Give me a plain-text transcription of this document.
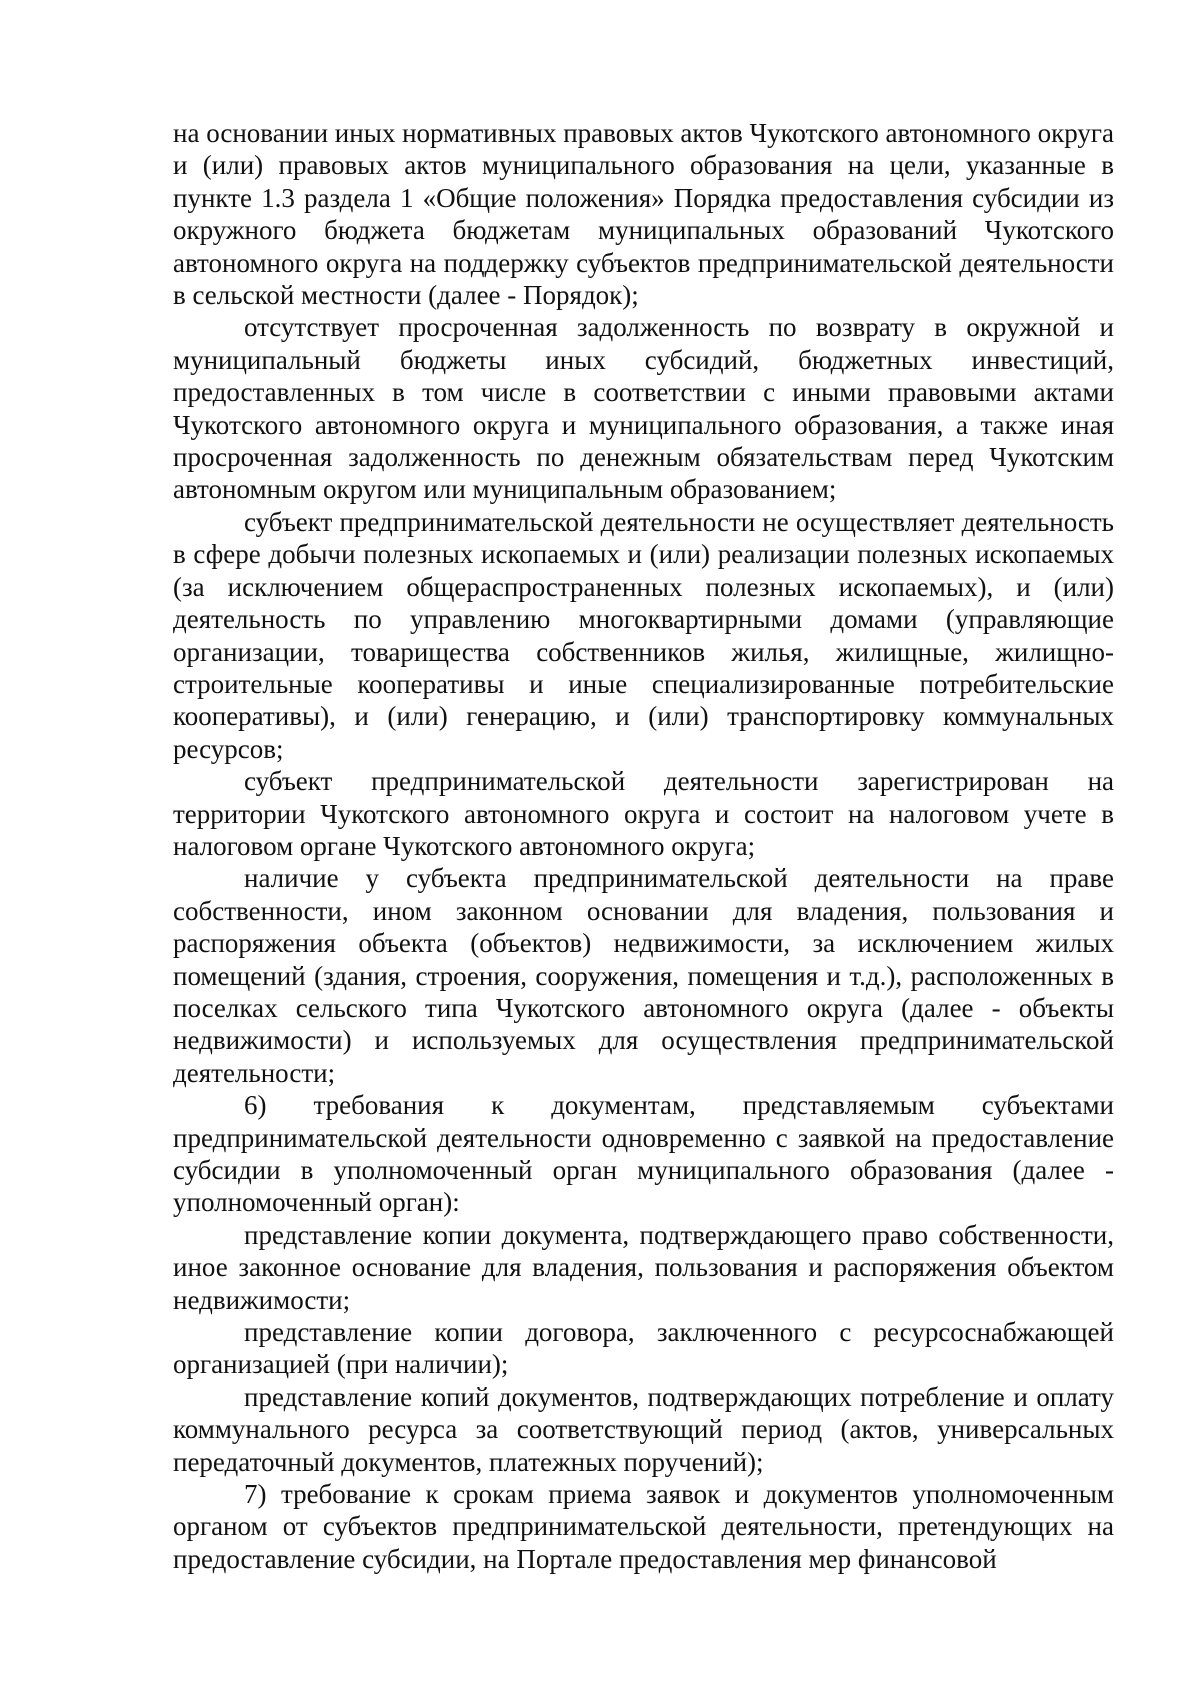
на основании иных нормативных правовых актов Чукотского автономного округа и (или) правовых актов муниципального образования на цели, указанные в пункте 1.3 раздела 1 «Общие положения» Порядка предоставления субсидии из окружного бюджета бюджетам муниципальных образований Чукотского автономного округа на поддержку субъектов предпринимательской деятельности в сельской местности (далее - Порядок);

отсутствует просроченная задолженность по возврату в окружной и муниципальный бюджеты иных субсидий, бюджетных инвестиций, предоставленных в том числе в соответствии с иными правовыми актами Чукотского автономного округа и муниципального образования, а также иная просроченная задолженность по денежным обязательствам перед Чукотским автономным округом или муниципальным образованием;

субъект предпринимательской деятельности не осуществляет деятельность в сфере добычи полезных ископаемых и (или) реализации полезных ископаемых (за исключением общераспространенных полезных ископаемых), и (или) деятельность по управлению многоквартирными домами (управляющие организации, товарищества собственников жилья, жилищные, жилищно-строительные кооперативы и иные специализированные потребительские кооперативы), и (или) генерацию, и (или) транспортировку коммунальных ресурсов;

субъект предпринимательской деятельности зарегистрирован на территории Чукотского автономного округа и состоит на налоговом учете в налоговом органе Чукотского автономного округа;

наличие у субъекта предпринимательской деятельности на праве собственности, ином законном основании для владения, пользования и распоряжения объекта (объектов) недвижимости, за исключением жилых помещений (здания, строения, сооружения, помещения и т.д.), расположенных в поселках сельского типа Чукотского автономного округа (далее - объекты недвижимости) и используемых для осуществления предпринимательской деятельности;

6) требования к документам, представляемым субъектами предпринимательской деятельности одновременно с заявкой на предоставление субсидии в уполномоченный орган муниципального образования (далее - уполномоченный орган):

представление копии документа, подтверждающего право собственности, иное законное основание для владения, пользования и распоряжения объектом недвижимости;

представление копии договора, заключенного с ресурсоснабжающей организацией (при наличии);

представление копий документов, подтверждающих потребление и оплату коммунального ресурса за соответствующий период (актов, универсальных передаточный документов, платежных поручений);

7) требование к срокам приема заявок и документов уполномоченным органом от субъектов предпринимательской деятельности, претендующих на предоставление субсидии, на Портале предоставления мер финансовой
